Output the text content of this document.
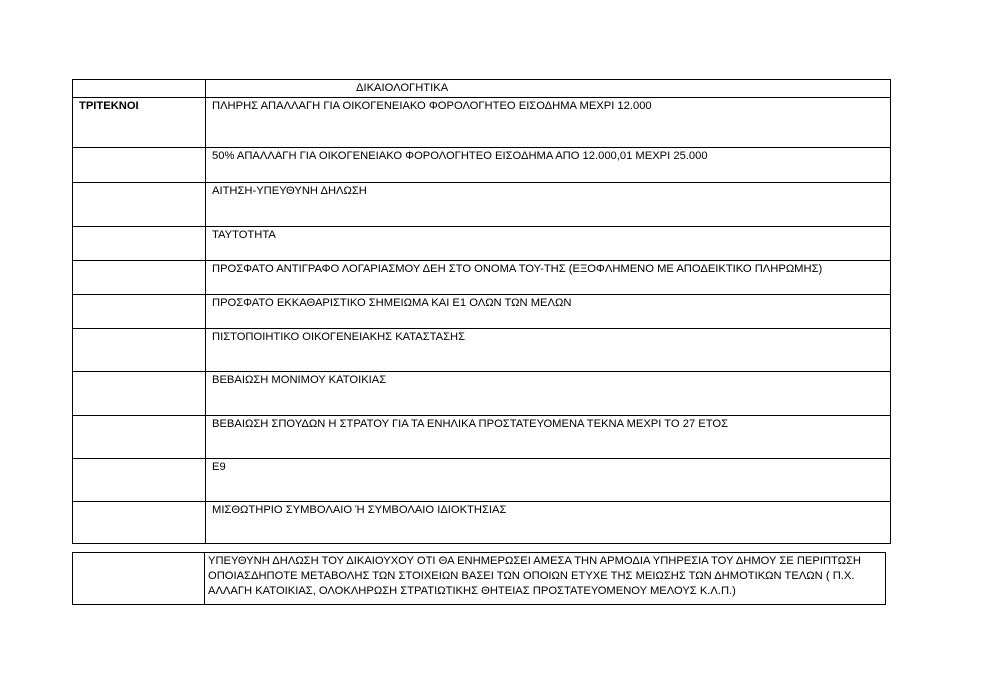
	ΔΙΚΑΙΟΛΟΓΗΤΙΚΑ
ΤΡΙΤΕΚΝΟΙ	ΠΛΗΡΗΣ ΑΠΑΛΛΑΓΗ ΓΙΑ ΟΙΚΟΓΕΝΕΙΑΚΟ ΦΟΡΟΛΟΓΗΤΕΟ ΕΙΣΟΔΗΜΑ ΜΕΧΡΙ 12.000
	50% ΑΠΑΛΛΑΓΗ ΓΙΑ ΟΙΚΟΓΕΝΕΙΑΚΟ ΦΟΡΟΛΟΓΗΤΕΟ ΕΙΣΟΔΗΜΑ ΑΠΟ 12.000,01 ΜΕΧΡΙ 25.000
	ΑΙΤΗΣΗ-ΥΠΕΥΘΥΝΗ ΔΗΛΩΣΗ
	ΤΑΥΤΟΤΗΤΑ
	ΠΡΟΣΦΑΤΟ ΑΝΤΙΓΡΑΦΟ ΛΟΓΑΡΙΑΣΜΟΥ ΔΕΗ ΣΤΟ ΟΝΟΜΑ ΤΟΥ-ΤΗΣ (ΕΞΟΦΛΗΜΕΝΟ ΜΕ ΑΠΟΔΕΙΚΤΙΚΟ ΠΛΗΡΩΜΗΣ)
	ΠΡΟΣΦΑΤΟ ΕΚΚΑΘΑΡΙΣΤΙΚΟ ΣΗΜΕΙΩΜΑ ΚΑΙ Ε1 ΟΛΩΝ ΤΩΝ ΜΕΛΩΝ
	ΠΙΣΤΟΠΟΙΗΤΙΚΟ ΟΙΚΟΓΕΝΕΙΑΚΗΣ ΚΑΤΑΣΤΑΣΗΣ
	ΒΕΒΑΙΩΣΗ ΜΟΝΙΜΟΥ ΚΑΤΟΙΚΙΑΣ
	ΒΕΒΑΙΩΣΗ ΣΠΟΥΔΩΝ Η ΣΤΡΑΤΟΥ ΓΙΑ ΤΑ ΕΝΗΛΙΚΑ ΠΡΟΣΤΑΤΕΥΟΜΕΝΑ ΤΕΚΝΑ ΜΕΧΡΙ ΤΟ 27 ΕΤΟΣ
	Ε9
	ΜΙΣΘΩΤΗΡΙΟ ΣΥΜΒΟΛΑΙΟ Ή ΣΥΜΒΟΛΑΙΟ ΙΔΙΟΚΤΗΣΙΑΣ
	ΥΠΕΥΘΥΝΗ ΔΗΛΩΣΗ ΤΟΥ ΔΙΚΑΙΟΥΧΟΥ ΟΤΙ ΘΑ ΕΝΗΜΕΡΩΣΕΙ ΑΜΕΣΑ ΤΗΝ ΑΡΜΟΔΙΑ ΥΠΗΡΕΣΙΑ ΤΟΥ ΔΗΜΟΥ ΣΕ ΠΕΡΙΠΤΩΣΗ ΟΠΟΙΑΣΔΗΠΟΤΕ ΜΕΤΑΒΟΛΗΣ ΤΩΝ ΣΤΟΙΧΕΙΩΝ ΒΑΣΕΙ ΤΩΝ ΟΠΟΙΩΝ ΕΤΥΧΕ ΤΗΣ ΜΕΙΩΣΗΣ ΤΩΝ ΔΗΜΟΤΙΚΩΝ ΤΕΛΩΝ ( Π.Χ. ΑΛΛΑΓΗ ΚΑΤΟΙΚΙΑΣ, ΟΛΟΚΛΗΡΩΣΗ ΣΤΡΑΤΙΩΤΙΚΗΣ ΘΗΤΕΙΑΣ ΠΡΟΣΤΑΤΕΥΟΜΕΝΟΥ ΜΕΛΟΥΣ Κ.Λ.Π.)
